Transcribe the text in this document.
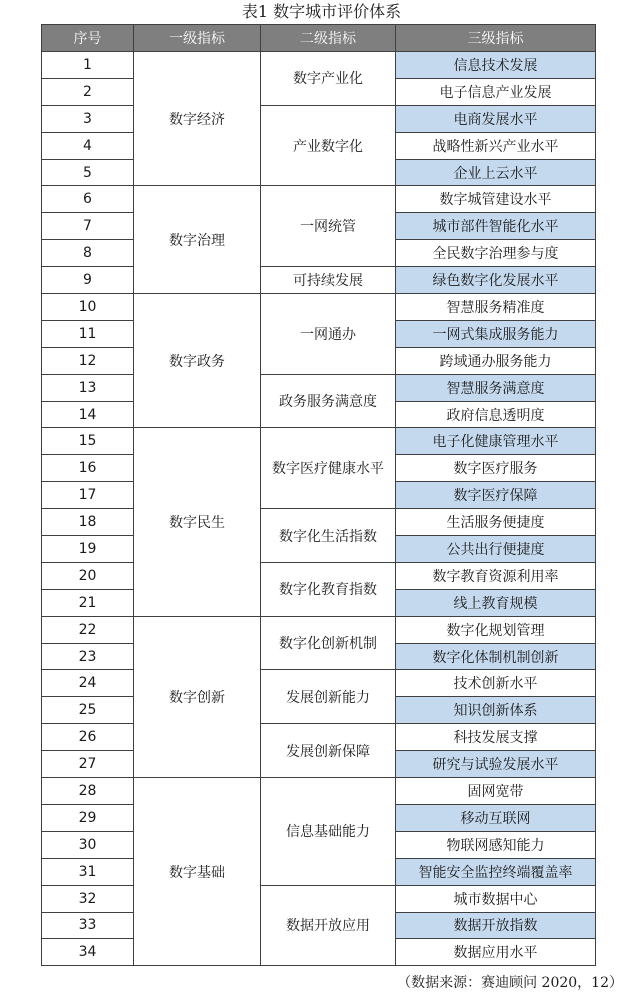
表1 数字城市评价体系
序号	一级指标	二级指标	三级指标
1	数字经济	数字产业化	信息技术发展
2			电子信息产业发展
3		产业数字化	电商发展水平
4			战略性新兴产业水平
5			企业上云水平
6	数字治理	一网统管	数字城管建设水平
7			城市部件智能化水平
8			全民数字治理参与度
9		可持续发展	绿色数字化发展水平
10	数字政务	一网通办	智慧服务精准度
11			一网式集成服务能力
12			跨域通办服务能力
13		政务服务满意度	智慧服务满意度
14			政府信息透明度
15	数字民生	数字医疗健康水平	电子化健康管理水平
16			数字医疗服务
17			数字医疗保障
18		数字化生活指数	生活服务便捷度
19			公共出行便捷度
20		数字化教育指数	数字教育资源利用率
21			线上教育规模
22	数字创新	数字化创新机制	数字化规划管理
23			数字化体制机制创新
24		发展创新能力	技术创新水平
25			知识创新体系
26		发展创新保障	科技发展支撑
27			研究与试验发展水平
28	数字基础	信息基础能力	固网宽带
29			移动互联网
30			物联网感知能力
31			智能安全监控终端覆盖率
32		数据开放应用	城市数据中心
33			数据开放指数
34			数据应用水平
（数据来源：赛迪顾问 2020，12）
